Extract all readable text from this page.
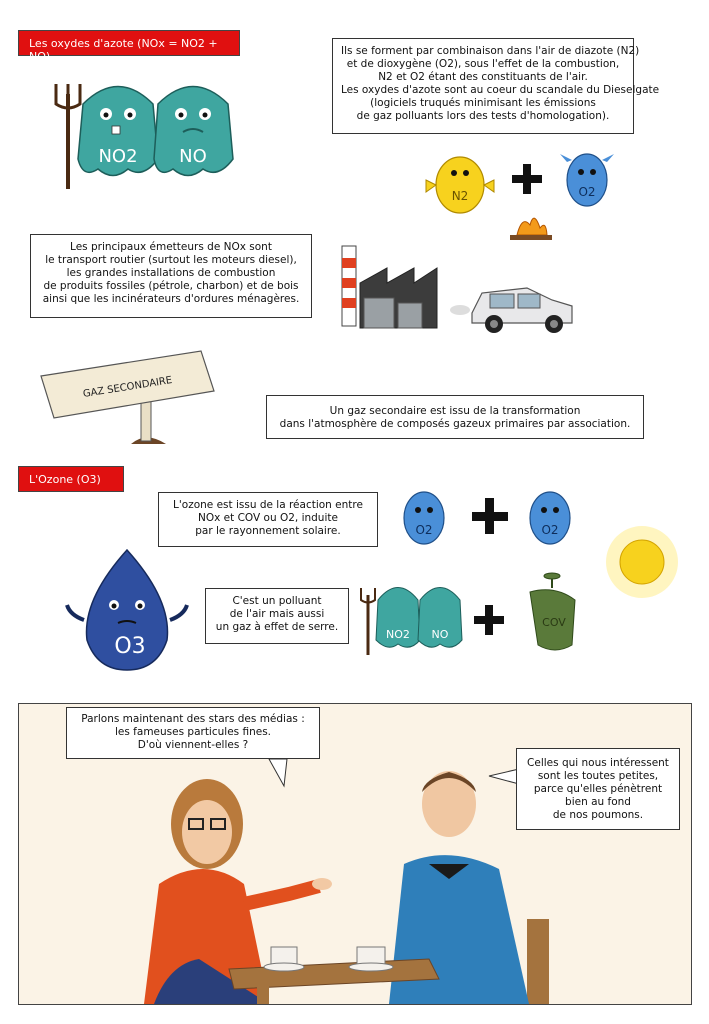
Les oxydes d'azote (NOx = NO2 + NO)
NO2 NO
Ils se forment par combinaison dans l'air de diazote (N2)
et de dioxygène (O2), sous l'effet de la combustion,
N2 et O2 étant des constituants de l'air.
Les oxydes d'azote sont au coeur du scandale du Dieselgate
(logiciels truqués minimisant les émissions
de gaz polluants lors des tests d'homologation).
N2	O2
Les principaux émetteurs de NOx sont
le transport routier (surtout les moteurs diesel),
les grandes installations de combustion
de produits fossiles (pétrole, charbon) et de bois
ainsi que les incinérateurs d'ordures ménagères.
GAZ SECONDAIRE
Un gaz secondaire est issu de la transformation
dans l'atmosphère de composés gazeux primaires par association.
L'Ozone (O3)
L'ozone est issu de la réaction entre
NOx et COV ou O2, induite
par le rayonnement solaire.	O2	O2
O3
C'est un polluant
de l'air mais aussi
un gaz à effet de serre.
NO2 NO
COV
Parlons maintenant des stars des médias :
les fameuses particules fines.
D'où viennent-elles ?
Celles qui nous intéressent
sont les toutes petites,
parce qu'elles pénètrent
bien au fond
de nos poumons.
